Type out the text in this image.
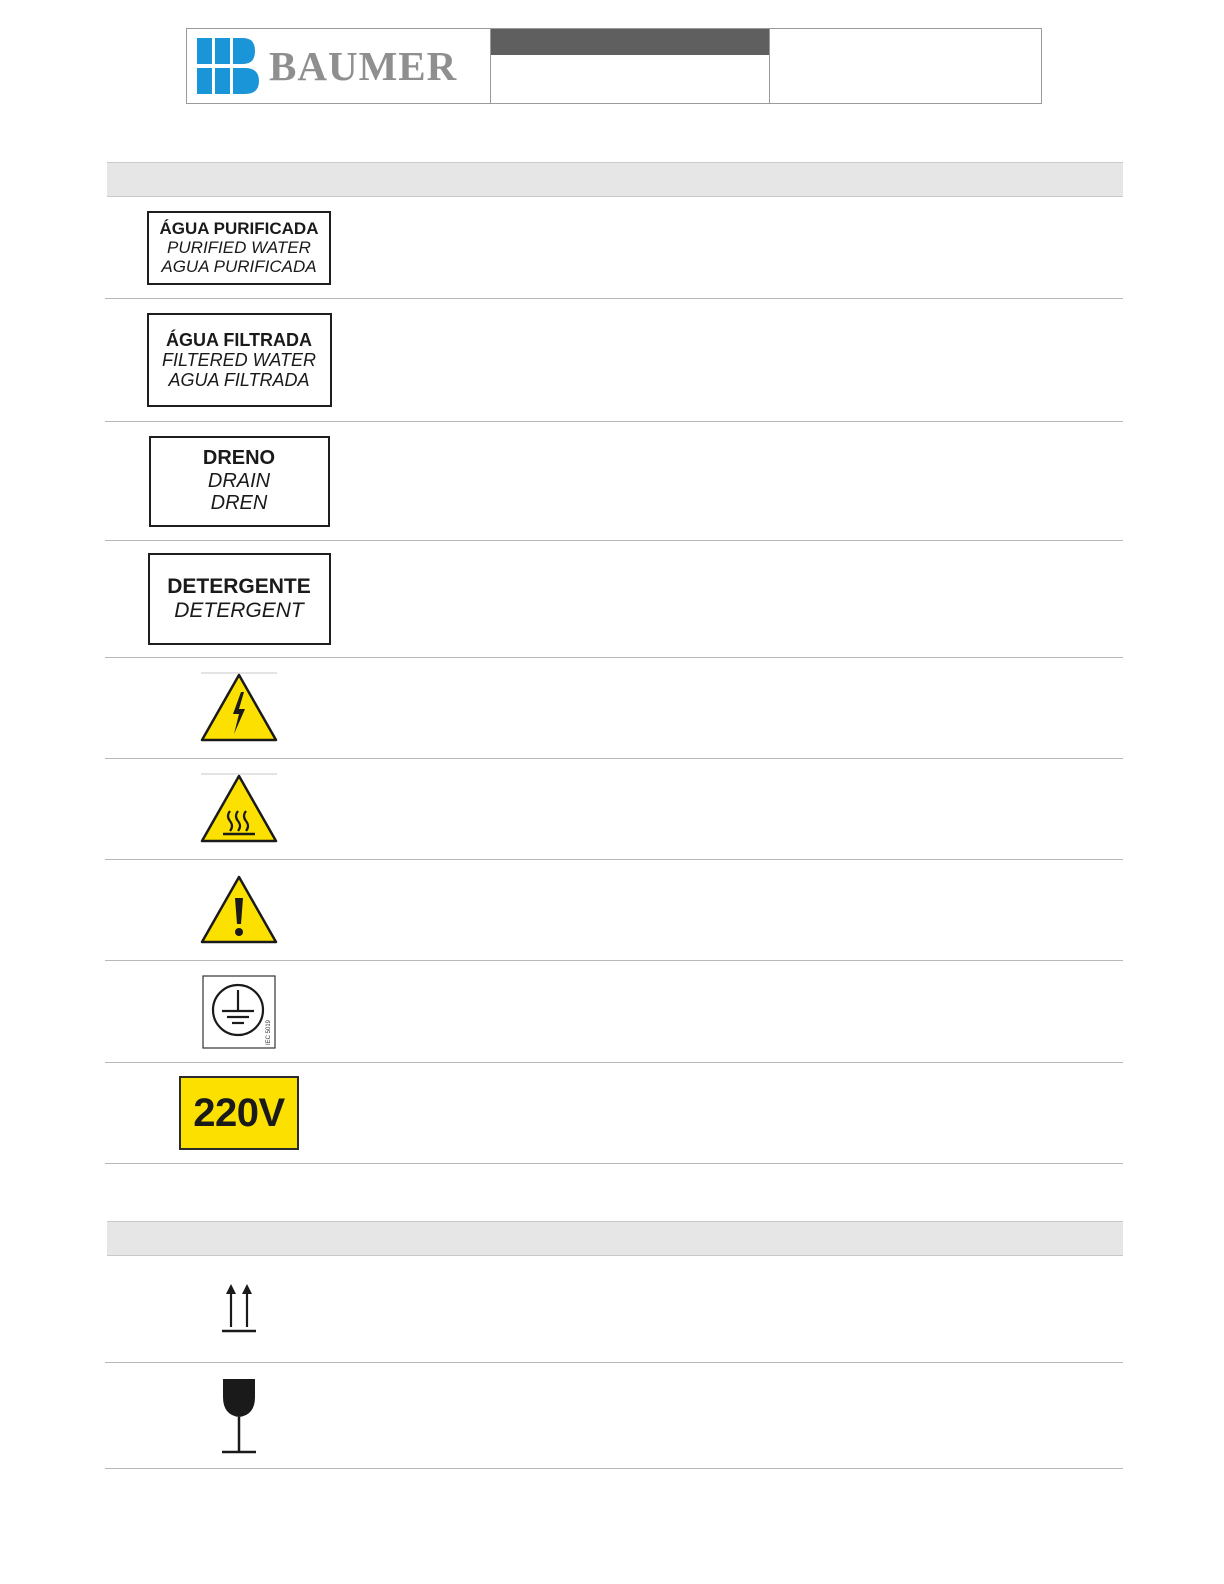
BAUMER
ÁGUA PURIFICADA
PURIFIED WATER
AGUA PURIFICADA
ÁGUA FILTRADA
FILTERED WATER
AGUA FILTRADA
DRENO
DRAIN
DREN
DETERGENTE
DETERGENT
IEC 5019
220V
